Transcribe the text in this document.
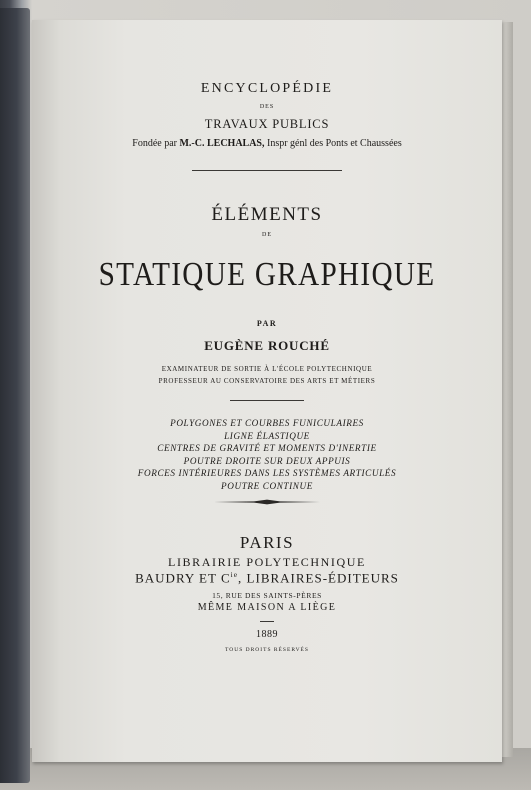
ENCYCLOPÉDIE
DES
TRAVAUX PUBLICS
Fondée par M.-C. LECHALAS, Inspr génl des Ponts et Chaussées
ÉLÉMENTS
DE
STATIQUE GRAPHIQUE
PAR
EUGÈNE ROUCHÉ
EXAMINATEUR DE SORTIE À L'ÉCOLE POLYTECHNIQUE
PROFESSEUR AU CONSERVATOIRE DES ARTS ET MÉTIERS
POLYGONES ET COURBES FUNICULAIRES
LIGNE ÉLASTIQUE
CENTRES DE GRAVITÉ ET MOMENTS D'INERTIE
POUTRE DROITE SUR DEUX APPUIS
FORCES INTÉRIEURES DANS LES SYSTÈMES ARTICULÉS
POUTRE CONTINUE
PARIS
LIBRAIRIE POLYTECHNIQUE
BAUDRY ET $C^{ie}$, LIBRAIRES-ÉDITEURS
15, RUE DES SAINTS-PÈRES
MÊME MAISON A LIÈGE
1889
TOUS DROITS RÉSERVÉS
